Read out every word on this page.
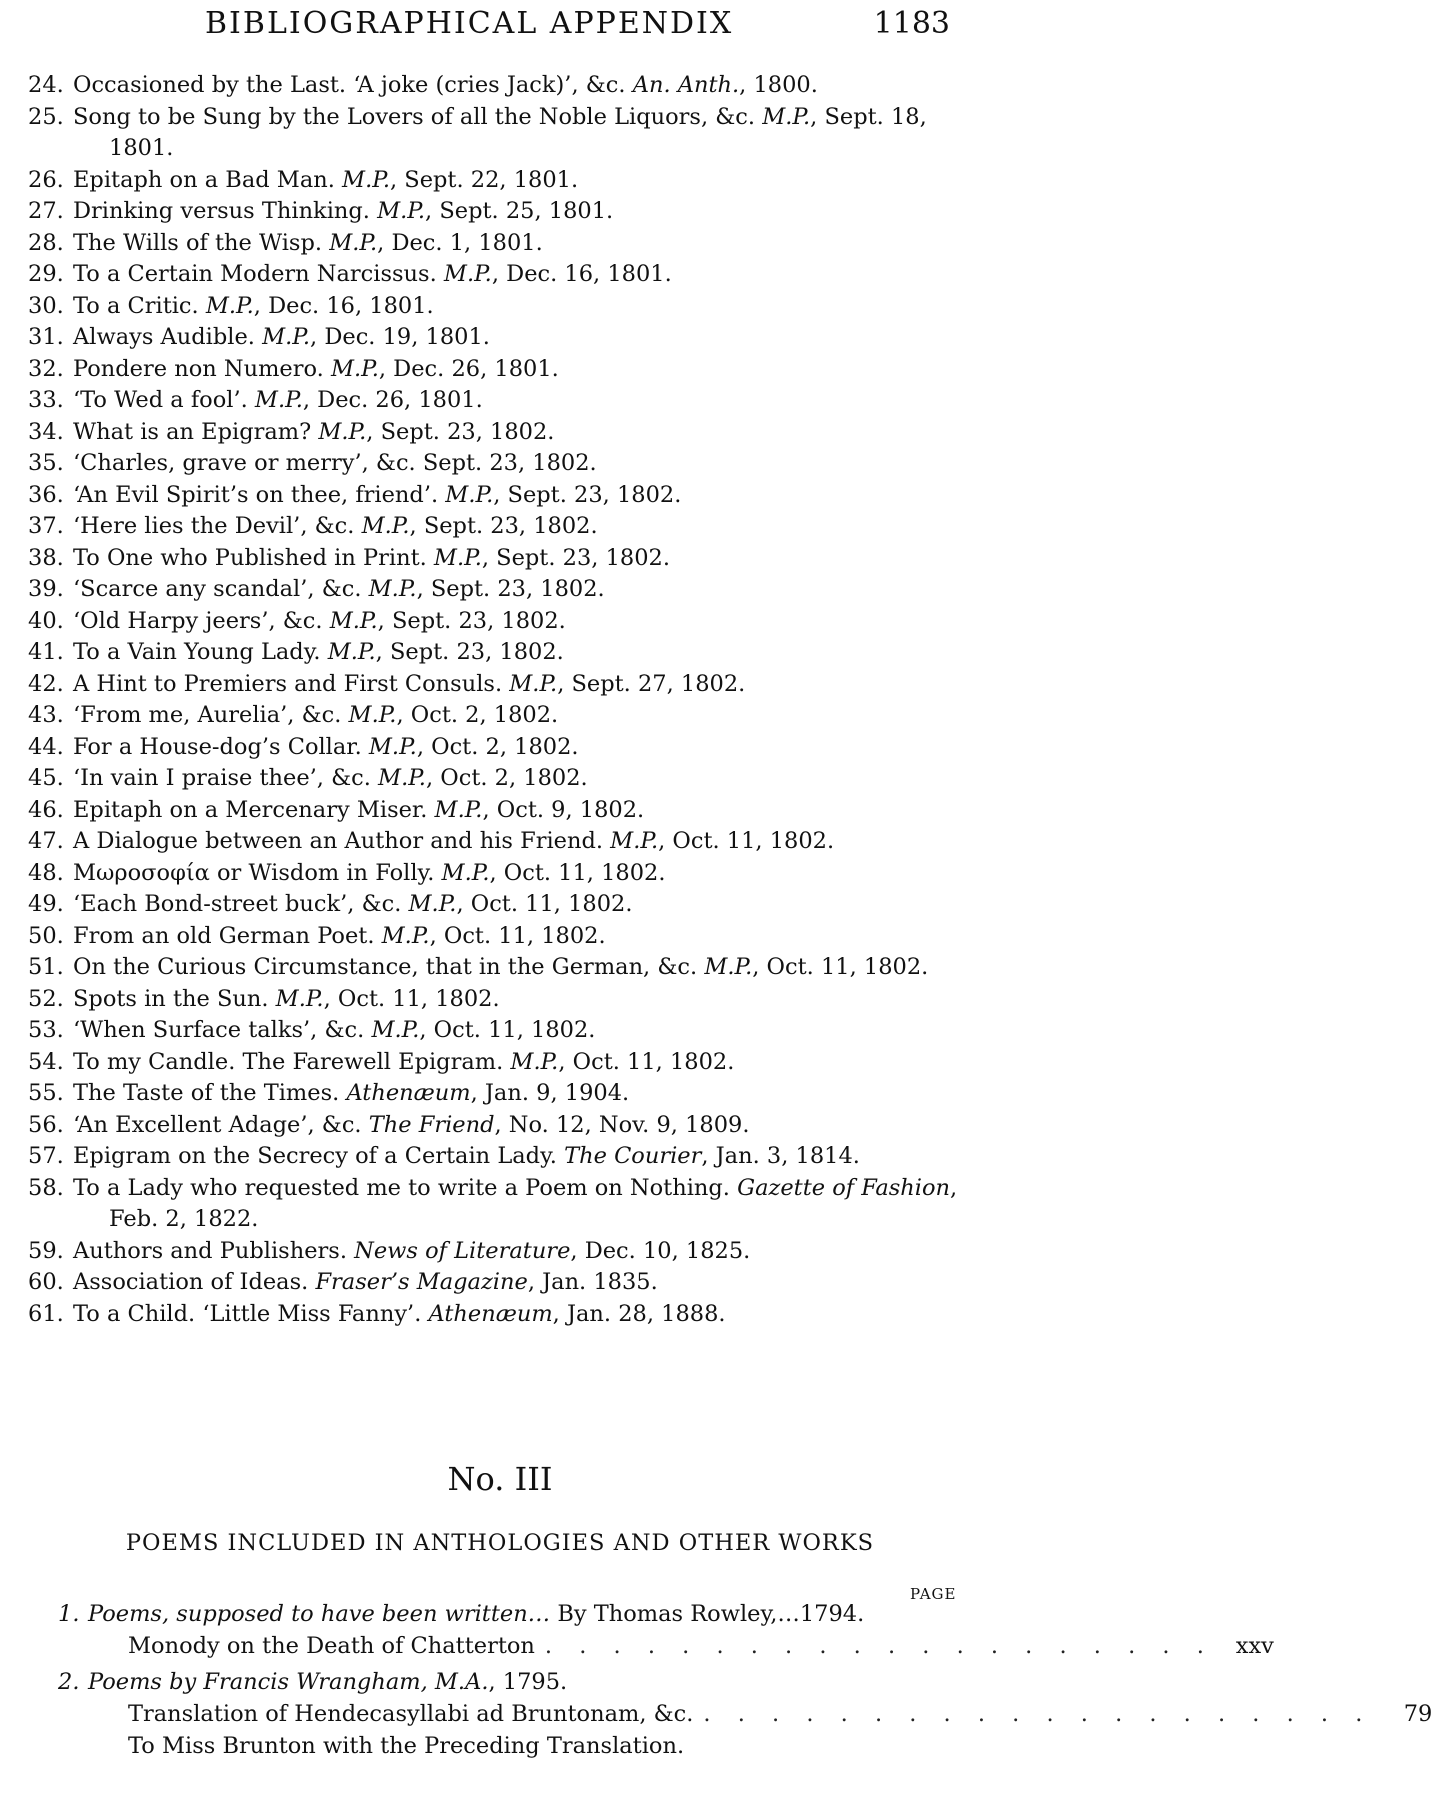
BIBLIOGRAPHICAL APPENDIX	1183
24. Occasioned by the Last. ‘A joke (cries Jack)’, &c. An. Anth., 1800.
25. Song to be Sung by the Lovers of all the Noble Liquors, &c. M.P., Sept. 18, 1801.
26. Epitaph on a Bad Man. M.P., Sept. 22, 1801.
27. Drinking versus Thinking. M.P., Sept. 25, 1801.
28. The Wills of the Wisp. M.P., Dec. 1, 1801.
29. To a Certain Modern Narcissus. M.P., Dec. 16, 1801.
30. To a Critic. M.P., Dec. 16, 1801.
31. Always Audible. M.P., Dec. 19, 1801.
32. Pondere non Numero. M.P., Dec. 26, 1801.
33. ‘To Wed a fool’. M.P., Dec. 26, 1801.
34. What is an Epigram? M.P., Sept. 23, 1802.
35. ‘Charles, grave or merry’, &c. Sept. 23, 1802.
36. ‘An Evil Spirit’s on thee, friend’. M.P., Sept. 23, 1802.
37. ‘Here lies the Devil’, &c. M.P., Sept. 23, 1802.
38. To One who Published in Print. M.P., Sept. 23, 1802.
39. ‘Scarce any scandal’, &c. M.P., Sept. 23, 1802.
40. ‘Old Harpy jeers’, &c. M.P., Sept. 23, 1802.
41. To a Vain Young Lady. M.P., Sept. 23, 1802.
42. A Hint to Premiers and First Consuls. M.P., Sept. 27, 1802.
43. ‘From me, Aurelia’, &c. M.P., Oct. 2, 1802.
44. For a House-dog’s Collar. M.P., Oct. 2, 1802.
45. ‘In vain I praise thee’, &c. M.P., Oct. 2, 1802.
46. Epitaph on a Mercenary Miser. M.P., Oct. 9, 1802.
47. A Dialogue between an Author and his Friend. M.P., Oct. 11, 1802.
48. Μωροσοφία or Wisdom in Folly. M.P., Oct. 11, 1802.
49. ‘Each Bond-street buck’, &c. M.P., Oct. 11, 1802.
50. From an old German Poet. M.P., Oct. 11, 1802.
51. On the Curious Circumstance, that in the German, &c. M.P., Oct. 11, 1802.
52. Spots in the Sun. M.P., Oct. 11, 1802.
53. ‘When Surface talks’, &c. M.P., Oct. 11, 1802.
54. To my Candle. The Farewell Epigram. M.P., Oct. 11, 1802.
55. The Taste of the Times. Athenæum, Jan. 9, 1904.
56. ‘An Excellent Adage’, &c. The Friend, No. 12, Nov. 9, 1809.
57. Epigram on the Secrecy of a Certain Lady. The Courier, Jan. 3, 1814.
58. To a Lady who requested me to write a Poem on Nothing. Gazette of Fashion, Feb. 2, 1822.
59. Authors and Publishers. News of Literature, Dec. 10, 1825.
60. Association of Ideas. Fraser’s Magazine, Jan. 1835.
61. To a Child. ‘Little Miss Fanny’. Athenæum, Jan. 28, 1888.
No. III
POEMS INCLUDED IN ANTHOLOGIES AND OTHER WORKS
PAGE
1. Poems, supposed to have been written… By Thomas Rowley,…1794.
Monody on the Death of Chatterton . . . . . . . . . . . . . . . . . . . . xxv
2. Poems by Francis Wrangham, M.A., 1795.
Translation of Hendecasyllabi ad Bruntonam, &c. . . . . . . . . . . . . . . . . . . . .	79
To Miss Brunton with the Preceding Translation.
